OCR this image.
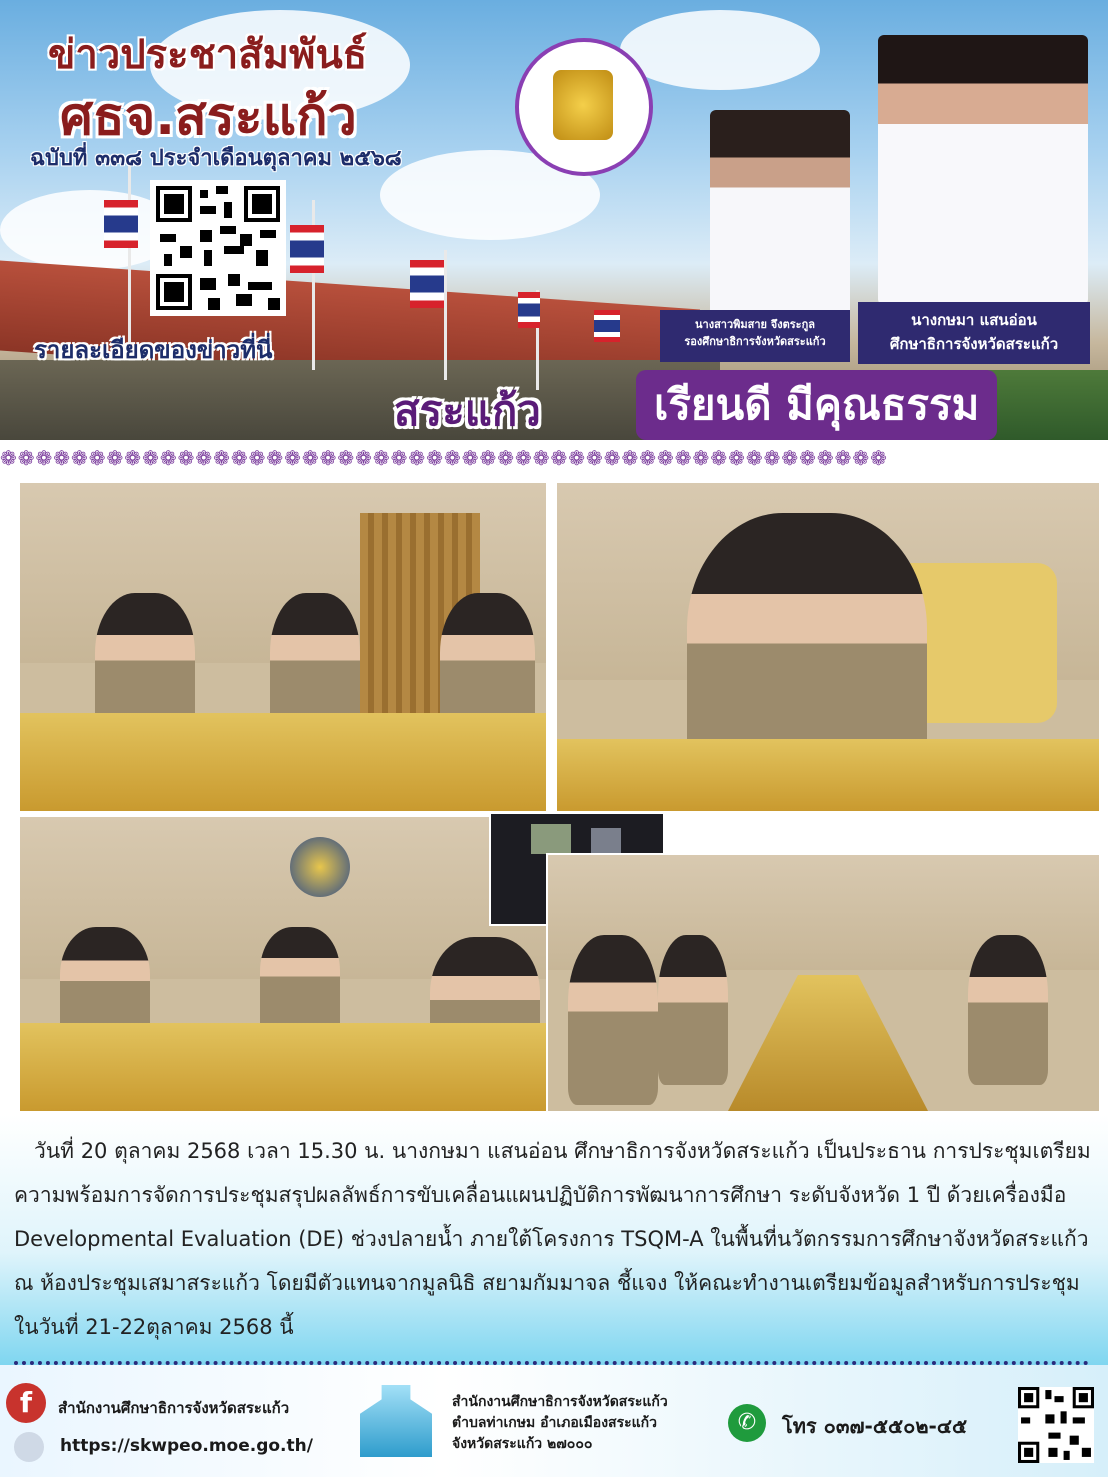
ข่าวประชาสัมพันธ์
ศธจ.สระแก้ว
ฉบับที่ ๓๓๘ ประจำเดือนตุลาคม ๒๕๖๘
รายละเอียดของข่าวที่นี่
นางสาวพิมสาย จึงตระกูล
รองศึกษาธิการจังหวัดสระแก้ว
นางกษมา แสนอ่อน
ศึกษาธิการจังหวัดสระแก้ว
สระแก้ว	เรียนดี มีคุณธรรม
❁❁❁❁❁❁❁❁❁❁❁❁❁❁❁❁❁❁❁❁❁❁❁❁❁❁❁❁❁❁❁❁❁❁❁❁❁❁❁❁❁❁❁❁❁❁❁❁❁❁
วันที่ 20 ตุลาคม 2568 เวลา 15.30 น. นางกษมา แสนอ่อน ศึกษาธิการจังหวัดสระแก้ว เป็นประธาน การประชุมเตรียมความพร้อมการจัดการประชุมสรุปผลลัพธ์การขับเคลื่อนแผนปฏิบัติการพัฒนาการศึกษา ระดับจังหวัด 1 ปี ด้วยเครื่องมือ Developmental Evaluation (DE) ช่วงปลายน้ำ ภายใต้โครงการ TSQM-A ในพื้นที่นวัตกรรมการศึกษาจังหวัดสระแก้ว ณ ห้องประชุมเสมาสระแก้ว โดยมีตัวแทนจากมูลนิธิ สยามกัมมาจล ชี้แจง ให้คณะทำงานเตรียมข้อมูลสำหรับการประชุมในวันที่ 21-22ตุลาคม 2568 นี้
f	สำนักงานศึกษาธิการจังหวัดสระแก้ว
https://skwpeo.moe.go.th/
สำนักงานศึกษาธิการจังหวัดสระแก้ว
ตำบลท่าเกษม อำเภอเมืองสระแก้ว
จังหวัดสระแก้ว ๒๗๐๐๐
✆	โทร ๐๓๗-๕๕๐๒-๔๕
